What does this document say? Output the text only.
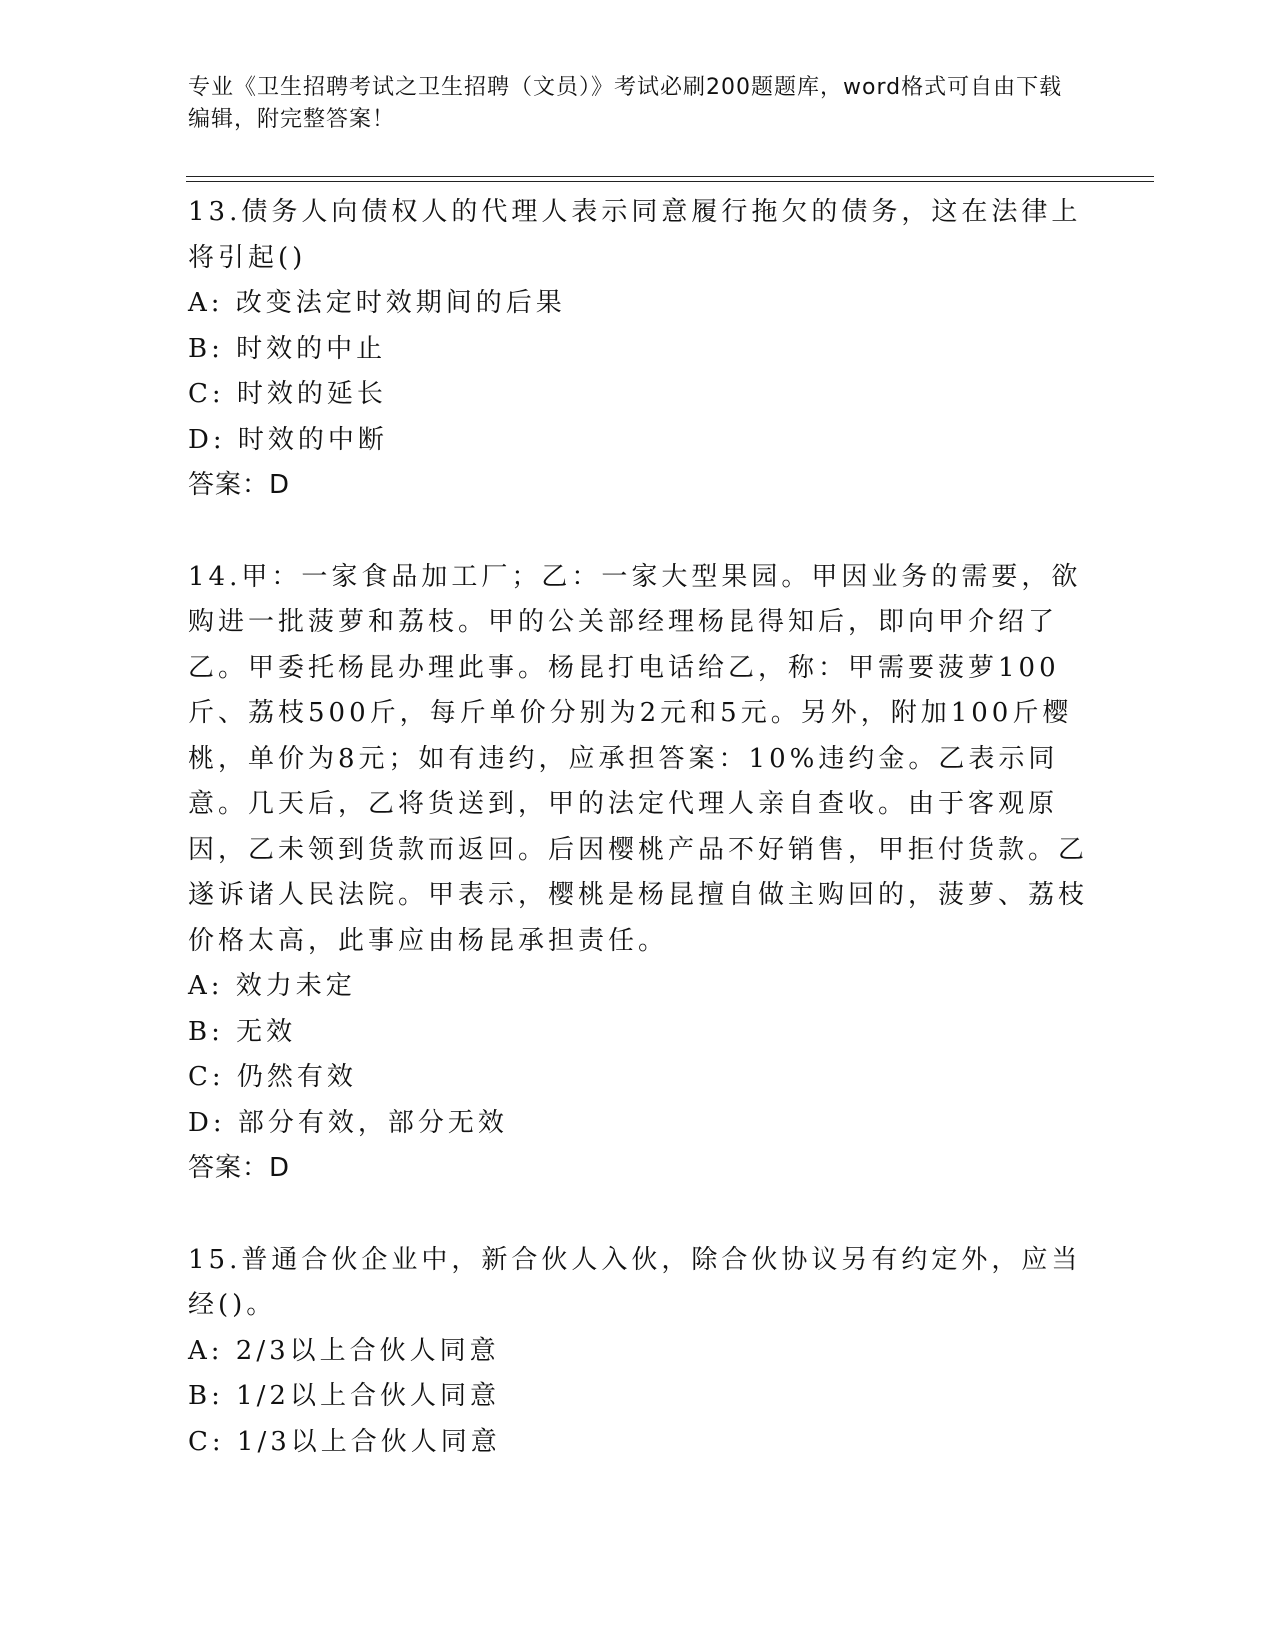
专业《卫生招聘考试之卫生招聘（文员）》考试必刷200题题库，word格式可自由下载编辑，附完整答案！
13.债务人向债权人的代理人表示同意履行拖欠的债务，这在法律上将引起()
A: 改变法定时效期间的后果
B: 时效的中止
C: 时效的延长
D: 时效的中断
答案：D
14.甲：一家食品加工厂；乙：一家大型果园。甲因业务的需要，欲购进一批菠萝和荔枝。甲的公关部经理杨昆得知后，即向甲介绍了乙。甲委托杨昆办理此事。杨昆打电话给乙，称：甲需要菠萝100斤、荔枝500斤，每斤单价分别为2元和5元。另外，附加100斤樱桃，单价为8元；如有违约，应承担答案：10%违约金。乙表示同意。几天后，乙将货送到，甲的法定代理人亲自查收。由于客观原因，乙未领到货款而返回。后因樱桃产品不好销售，甲拒付货款。乙遂诉诸人民法院。甲表示，樱桃是杨昆擅自做主购回的，菠萝、荔枝价格太高，此事应由杨昆承担责任。
A: 效力未定
B: 无效
C: 仍然有效
D: 部分有效，部分无效
答案：D
15.普通合伙企业中，新合伙人入伙，除合伙协议另有约定外，应当经()。
A: 2/3以上合伙人同意
B: 1/2以上合伙人同意
C: 1/3以上合伙人同意
